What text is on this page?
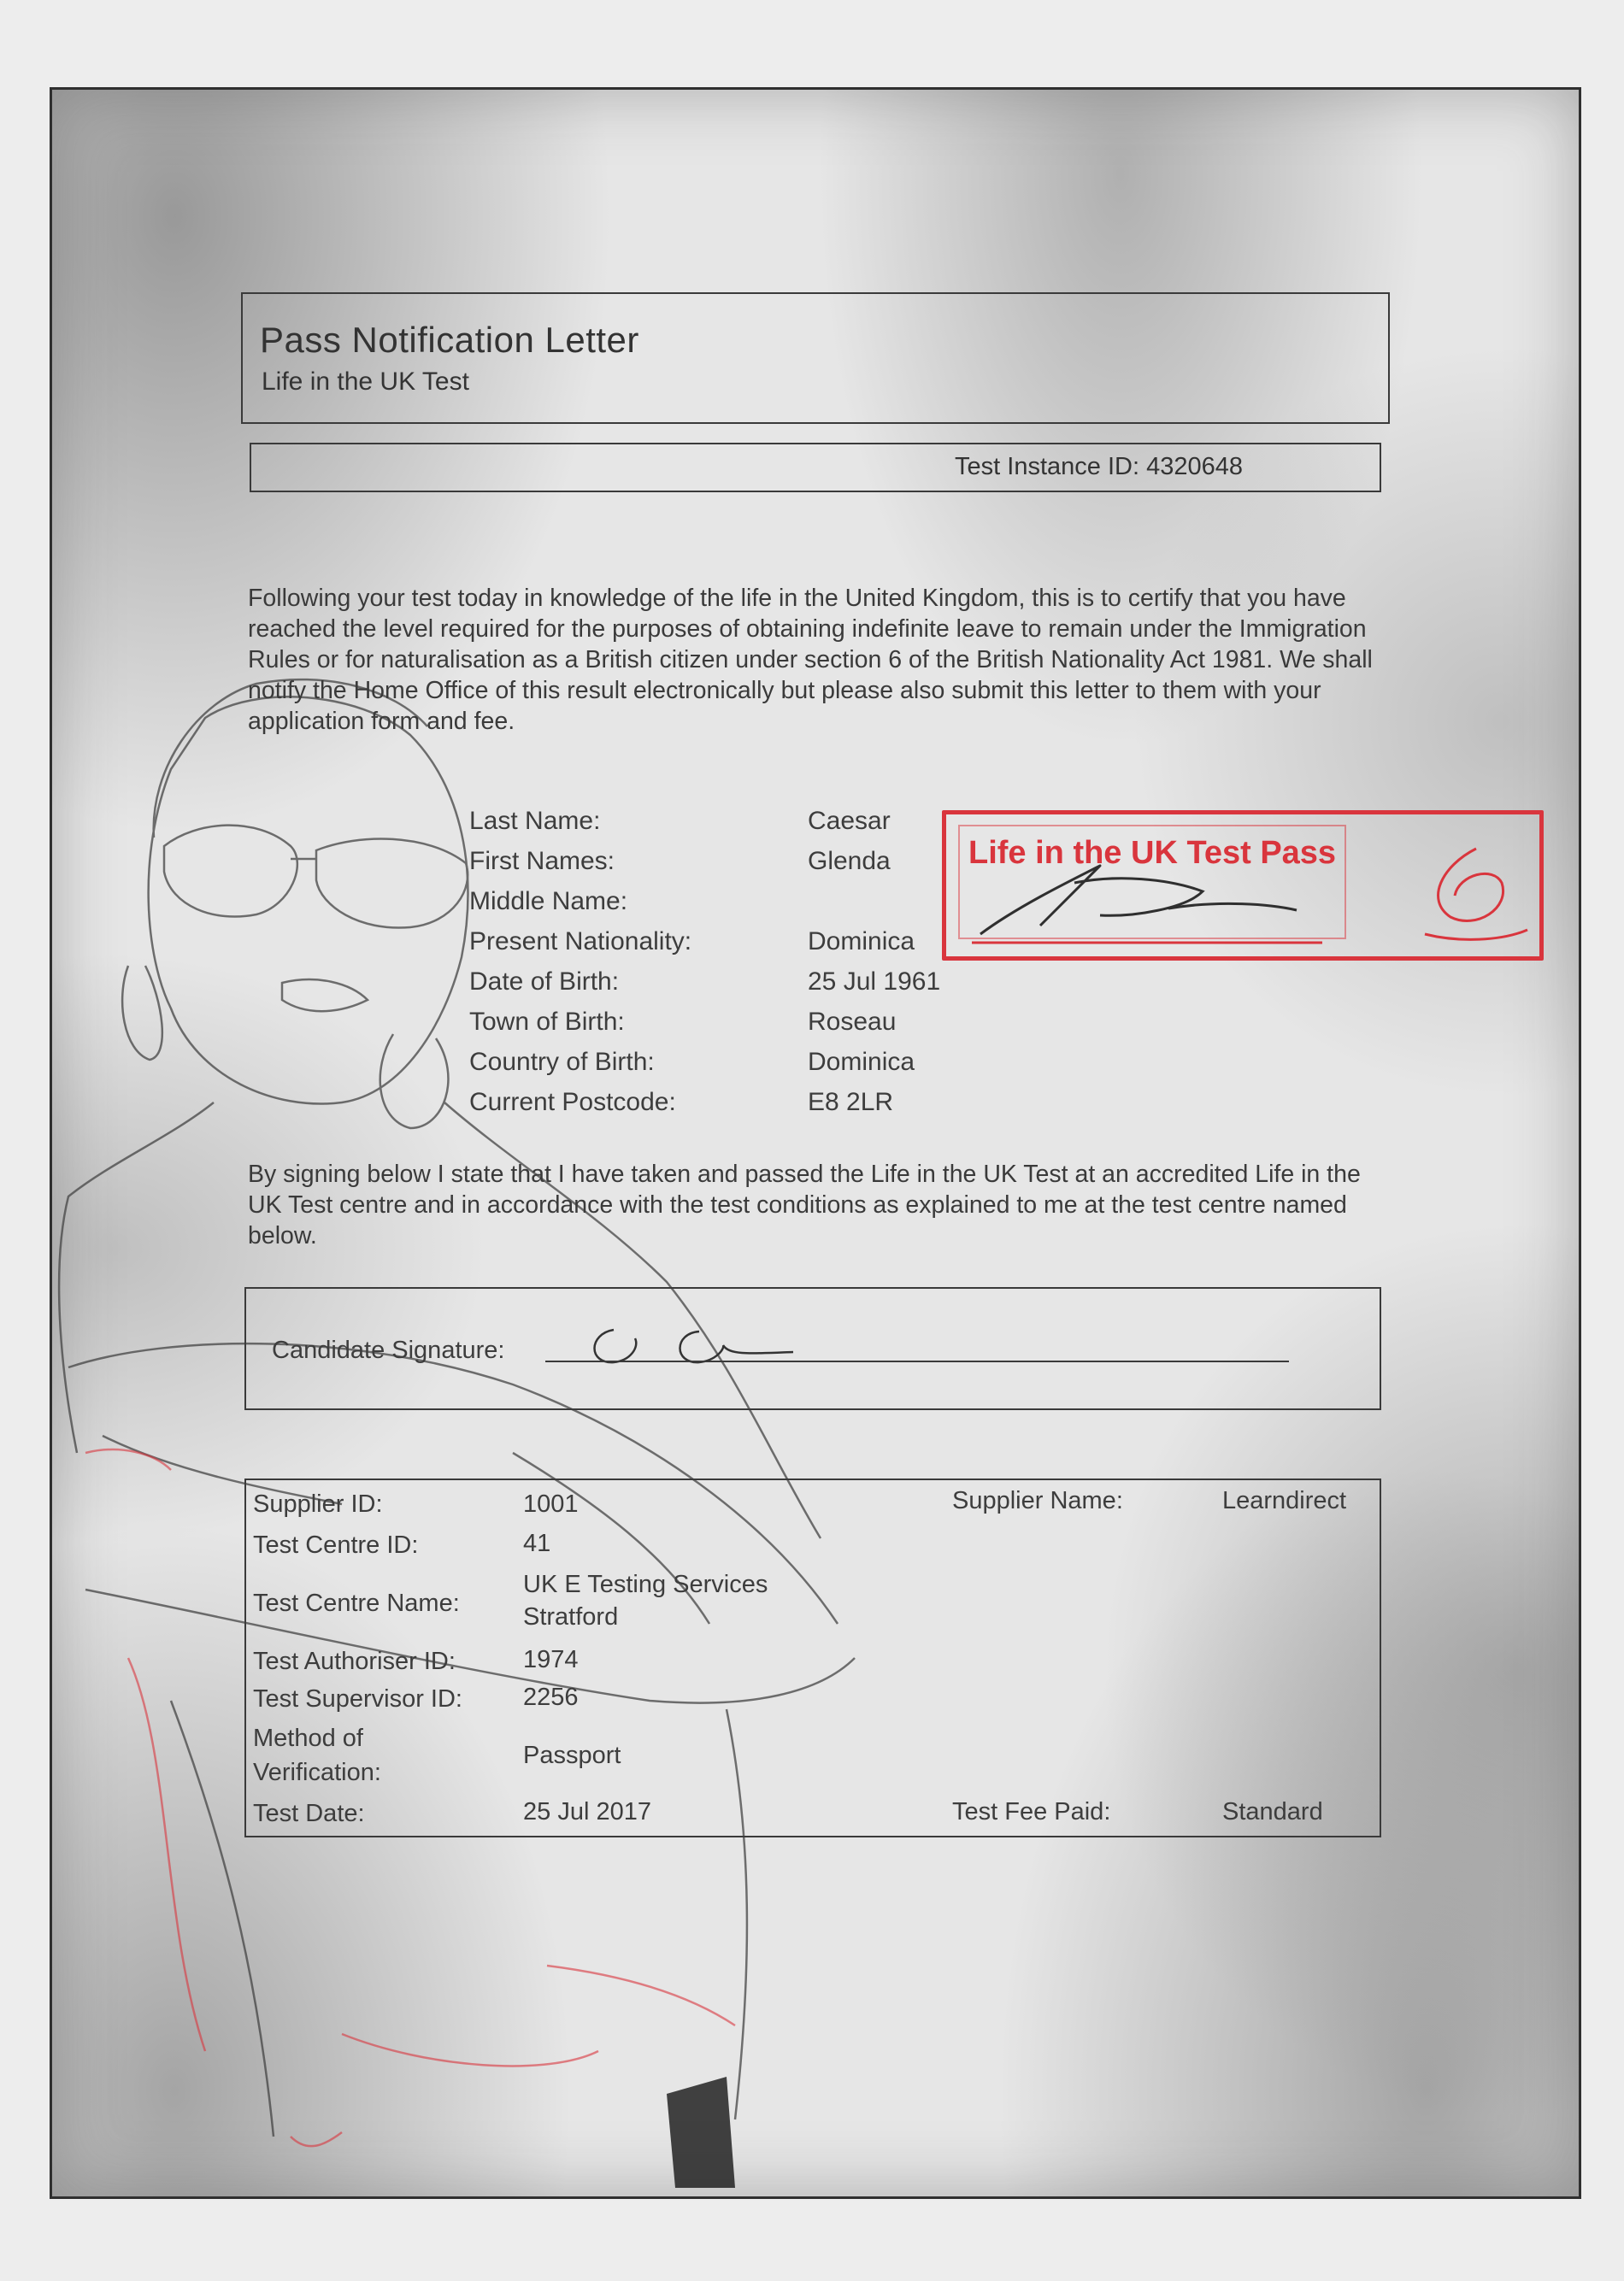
Pass Notification Letter
Life in the UK Test
Test Instance ID: 4320648
Following your test today in knowledge of the life in the United Kingdom, this is to certify that you have reached the level required for the purposes of obtaining indefinite leave to remain under the Immigration Rules or for naturalisation as a British citizen under section 6 of the British Nationality Act 1981. We shall notify the Home Office of this result electronically but please also submit this letter to them with your application form and fee.
Last Name:	Caesar
First Names:	Glenda
Middle Name:
Present Nationality:	Dominica
Date of Birth:	25 Jul 1961
Town of Birth:	Roseau
Country of Birth:	Dominica
Current Postcode:	E8 2LR
Life in the UK Test Pass
By signing below I state that I have taken and passed the Life in the UK Test at an accredited Life in the UK Test centre and in accordance with the test conditions as explained to me at the test centre named below.
Candidate Signature:
Supplier ID:	1001	Supplier Name:	Learndirect
Test Centre ID:	41
Test Centre Name:
UK E Testing Services
Stratford
Test Authoriser ID:	1974
Test Supervisor ID: 2256
Method of
Verification:
Passport
Test Date:	25 Jul 2017	Test Fee Paid:	Standard
